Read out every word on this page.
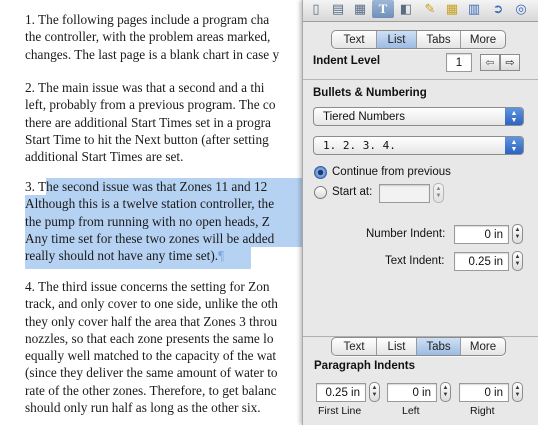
1. The following pages include a program cha
the controller, with the problem areas marked,
changes. The last page is a blank chart in case y

2. The main issue was that a second and a thi
left, probably from a previous program. The co
there are additional Start Times set in a progra
Start Time to hit the Next button (after setting
additional Start Times are set.

3. The second issue was that Zones 11 and 12
Although this is a twelve station controller, the
the pump from running with no open heads, Z
Any time set for these two zones will be added
really should not have any time set).¶

4. The third issue concerns the setting for Zon
track, and only cover to one side, unlike the oth
they only cover half the area that Zones 3 throu
nozzles, so that each zone presents the same lo
equally well matched to the capacity of the wat
(since they deliver the same amount of water to
rate of the other zones. Therefore, to get balanc
should only run half as long as the other six.

▯ ▤ ▦ T ◧ ✎ ▦ ▥ ➲ ◎
Text	List	Tabs	More
Indent Level	1	⇦ ⇨
Bullets & Numbering
Tiered Numbers	▲
▼
1. 2. 3. 4.	▲
▼
Continue from previous
Start at:	▲
▼
Number Indent:	0 in	▲
▼
Text Indent:	0.25 in	▲
▼
Text	List	Tabs	More
Paragraph Indents
0.25 in	▲
▼	0 in	▲
▼	0 in	▲
▼
First Line	Left	Right
